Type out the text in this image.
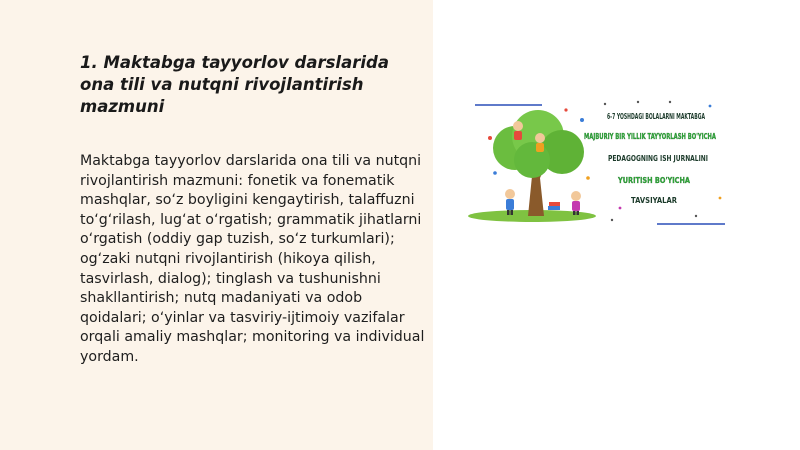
1. Maktabga tayyorlov darslarida ona tili va nutqni rivojlantirish mazmuni

Maktabga tayyorlov darslarida ona tili va nutqni rivojlantirish mazmuni: fonetik va fonematik mashqlar, so‘z boyligini kengaytirish, talaffuzni to‘g‘rilash, lug‘at o‘rgatish; grammatik jihatlarni o‘rgatish (oddiy gap tuzish, so‘z turkumlari); og‘zaki nutqni rivojlantirish (hikoya qilish, tasvirlash, dialog); tinglash va tushunishni shakllantirish; nutq madaniyati va odob qoidalari; o‘yinlar va tasviriy-ijtimoiy vazifalar orqali amaliy mashqlar; monitoring va individual yordam.

6-7 YOSHDAGI BOLALARNI MAKTABGA
MAJBURIY BIR YILLIK TAYYORLASH BO'YICHA
PEDAGOGNING ISH JURNALINI
YURITISH BO'YICHA
TAVSIYALAR
